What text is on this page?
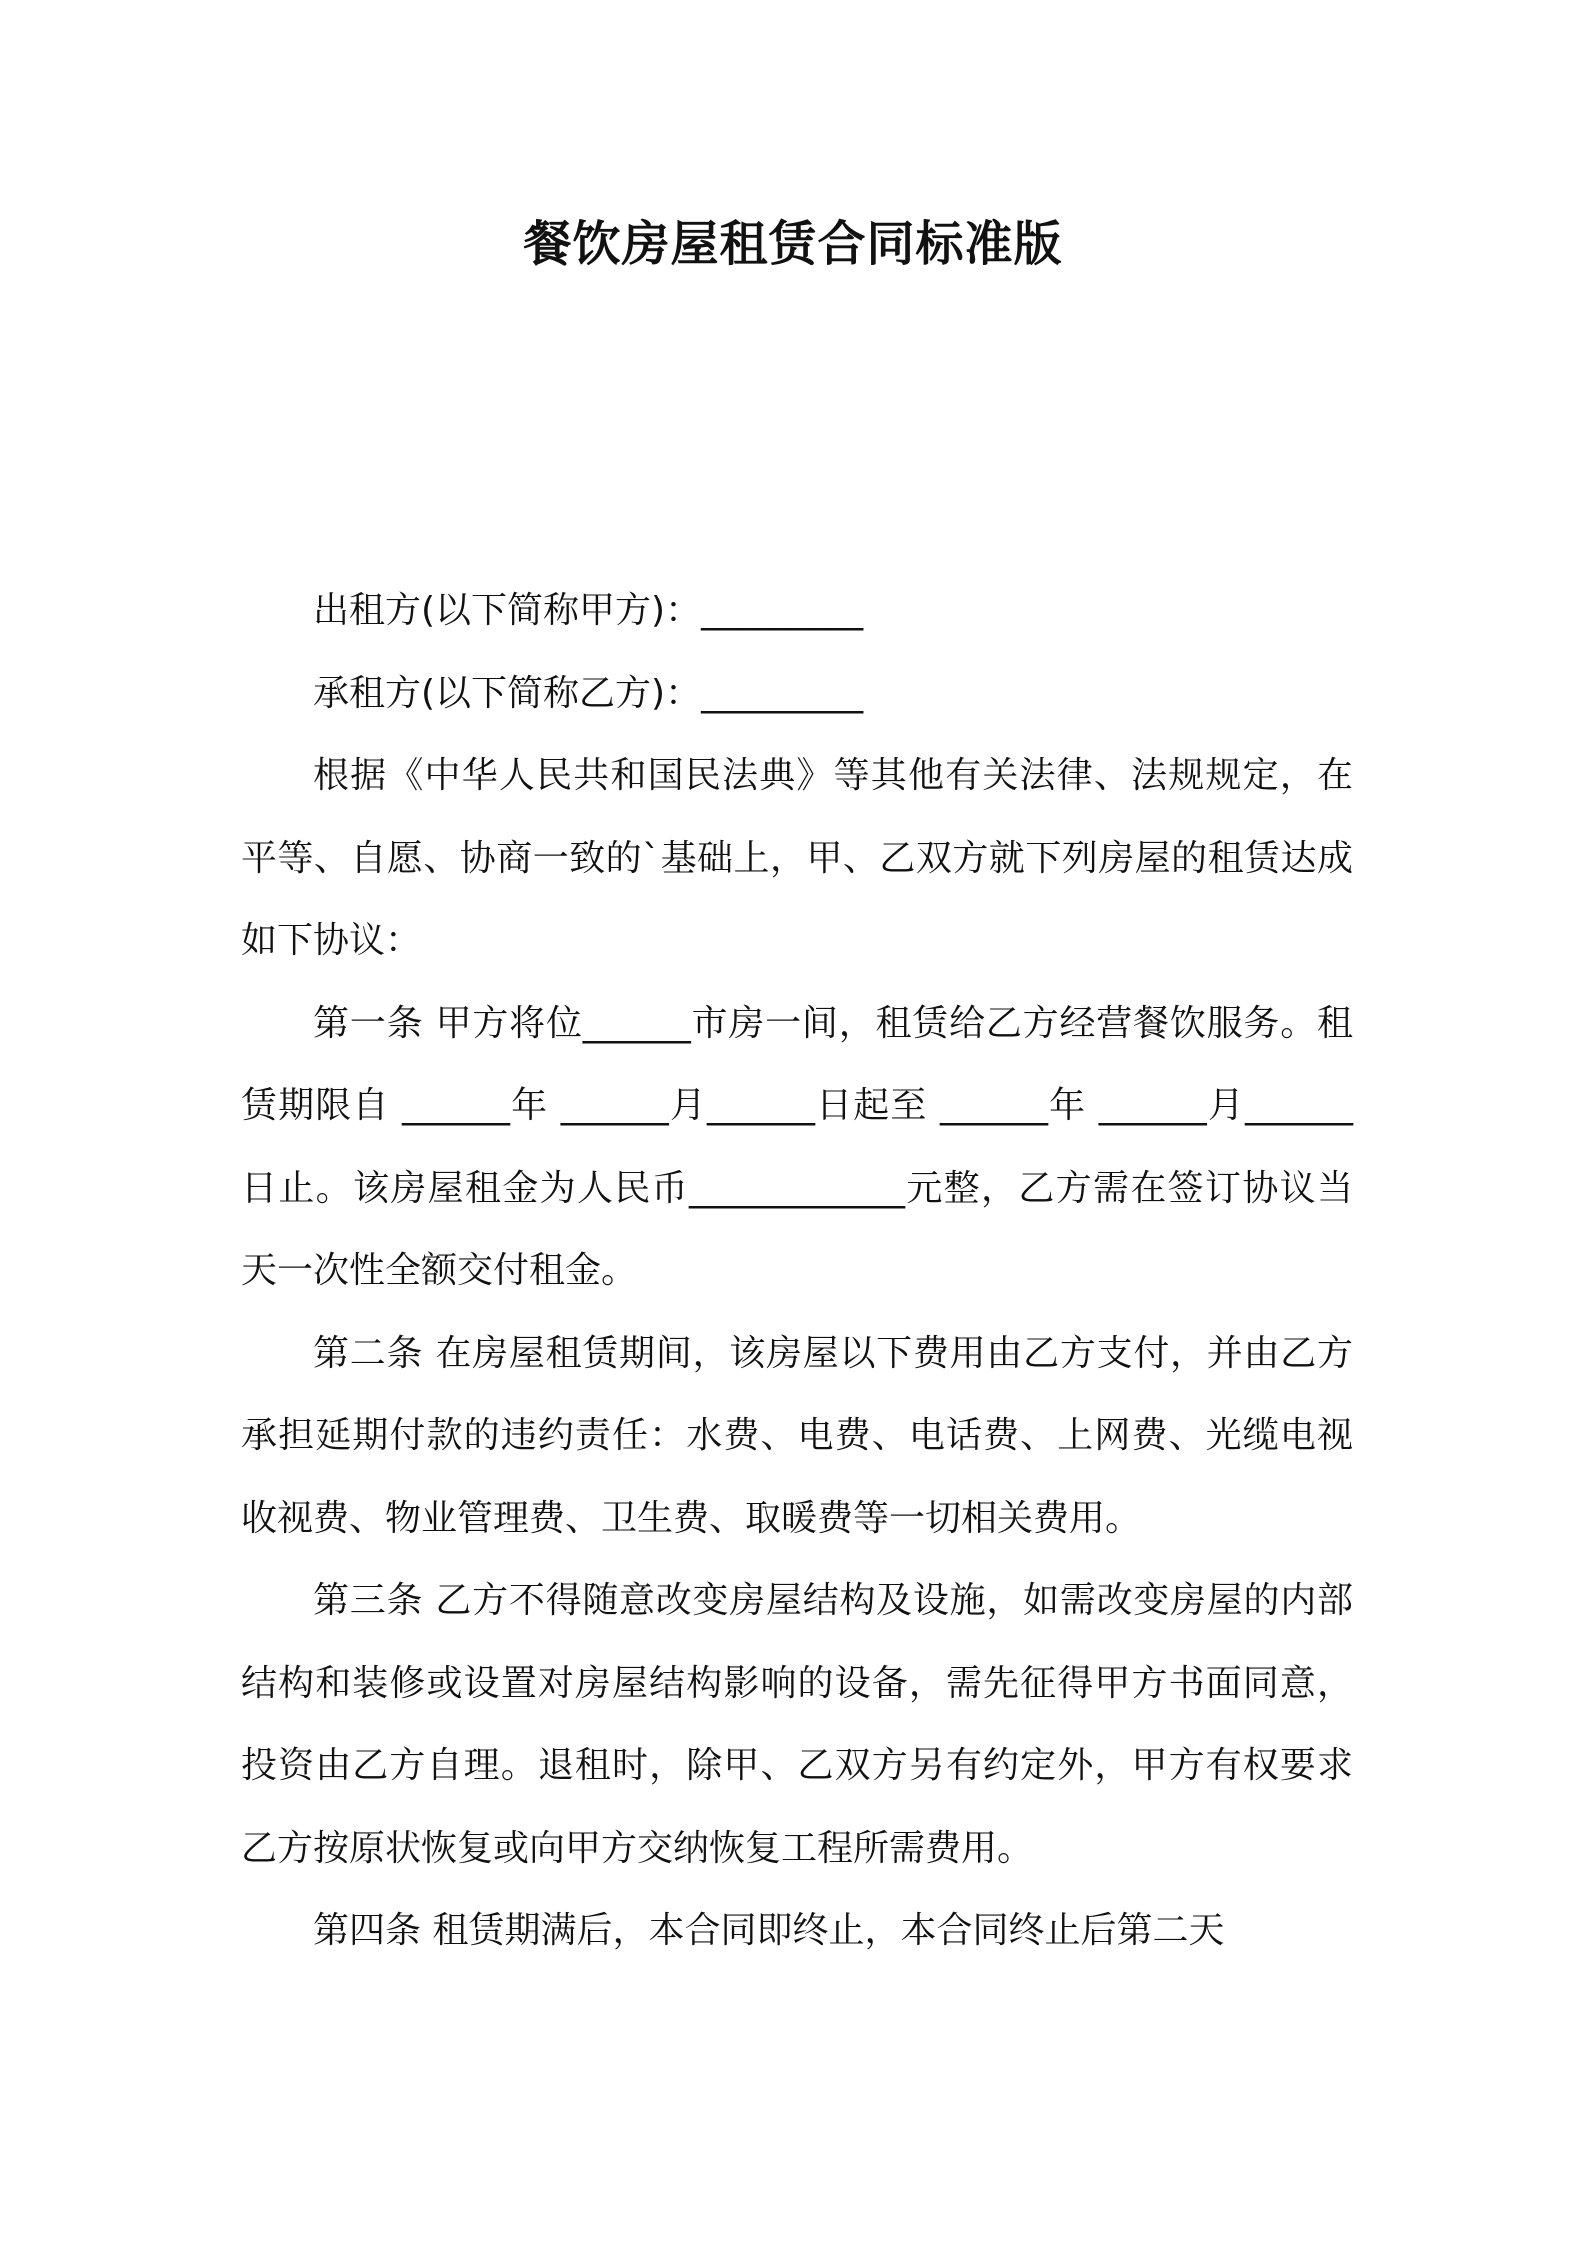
餐饮房屋租赁合同标准版

出租方(以下简称甲方)：_________

承租方(以下简称乙方)：_________

根据《中华人民共和国民法典》等其他有关法律、法规规定，在平等、自愿、协商一致的`基础上，甲、乙双方就下列房屋的租赁达成如下协议：

第一条 甲方将位______市房一间，租赁给乙方经营餐饮服务。租赁期限自 ______年 ______月______日起至 ______年 ______月______日止。该房屋租金为人民币____________元整，乙方需在签订协议当天一次性全额交付租金。

第二条 在房屋租赁期间，该房屋以下费用由乙方支付，并由乙方承担延期付款的违约责任：水费、电费、电话费、上网费、光缆电视收视费、物业管理费、卫生费、取暖费等一切相关费用。

第三条 乙方不得随意改变房屋结构及设施，如需改变房屋的内部结构和装修或设置对房屋结构影响的设备，需先征得甲方书面同意，投资由乙方自理。退租时，除甲、乙双方另有约定外，甲方有权要求乙方按原状恢复或向甲方交纳恢复工程所需费用。

第四条 租赁期满后，本合同即终止，本合同终止后第二天
